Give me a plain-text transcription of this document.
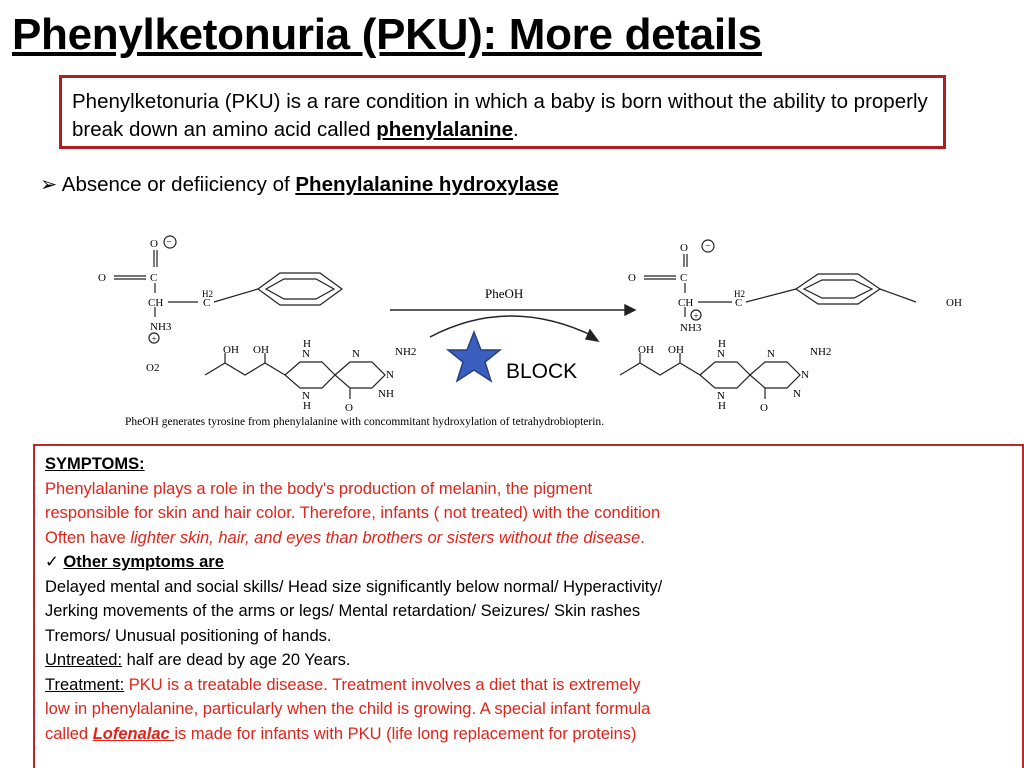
Phenylketonuria (PKU): More details
Phenylketonuria (PKU) is a rare condition in which a baby is born without the ability to properly break down an amino acid called phenylalanine.
➢ Absence or defiiciency of Phenylalanine hydroxylase
−
O
O	C
CH
H2
C
NH3
+
PheOH
−
O
O	C
CH
H2
C
+
NH3
OH
O2
OH OH	H
N
N
H
N	NH2
N
NH
O
OH OH	H
N
N
H
N	NH2
N
N
O
PheOH generates tyrosine from phenylalanine with concommitant hydroxylation of tetrahydrobiopterin.
BLOCK
SYMPTOMS:
Phenylalanine plays a role in the body's production of melanin, the pigment
responsible for skin and hair color. Therefore, infants ( not treated) with the condition
Often have lighter skin, hair, and eyes than brothers or sisters without the disease.
✓ Other symptoms are
Delayed mental and social skills/ Head size significantly below normal/ Hyperactivity/
Jerking movements of the arms or legs/ Mental retardation/ Seizures/ Skin rashes
Tremors/ Unusual positioning of hands.
Untreated: half are dead by age 20 Years.
Treatment: PKU is a treatable disease. Treatment involves a diet that is extremely
low in phenylalanine, particularly when the child is growing. A special infant formula
called Lofenalac is made for infants with PKU (life long replacement for proteins)
